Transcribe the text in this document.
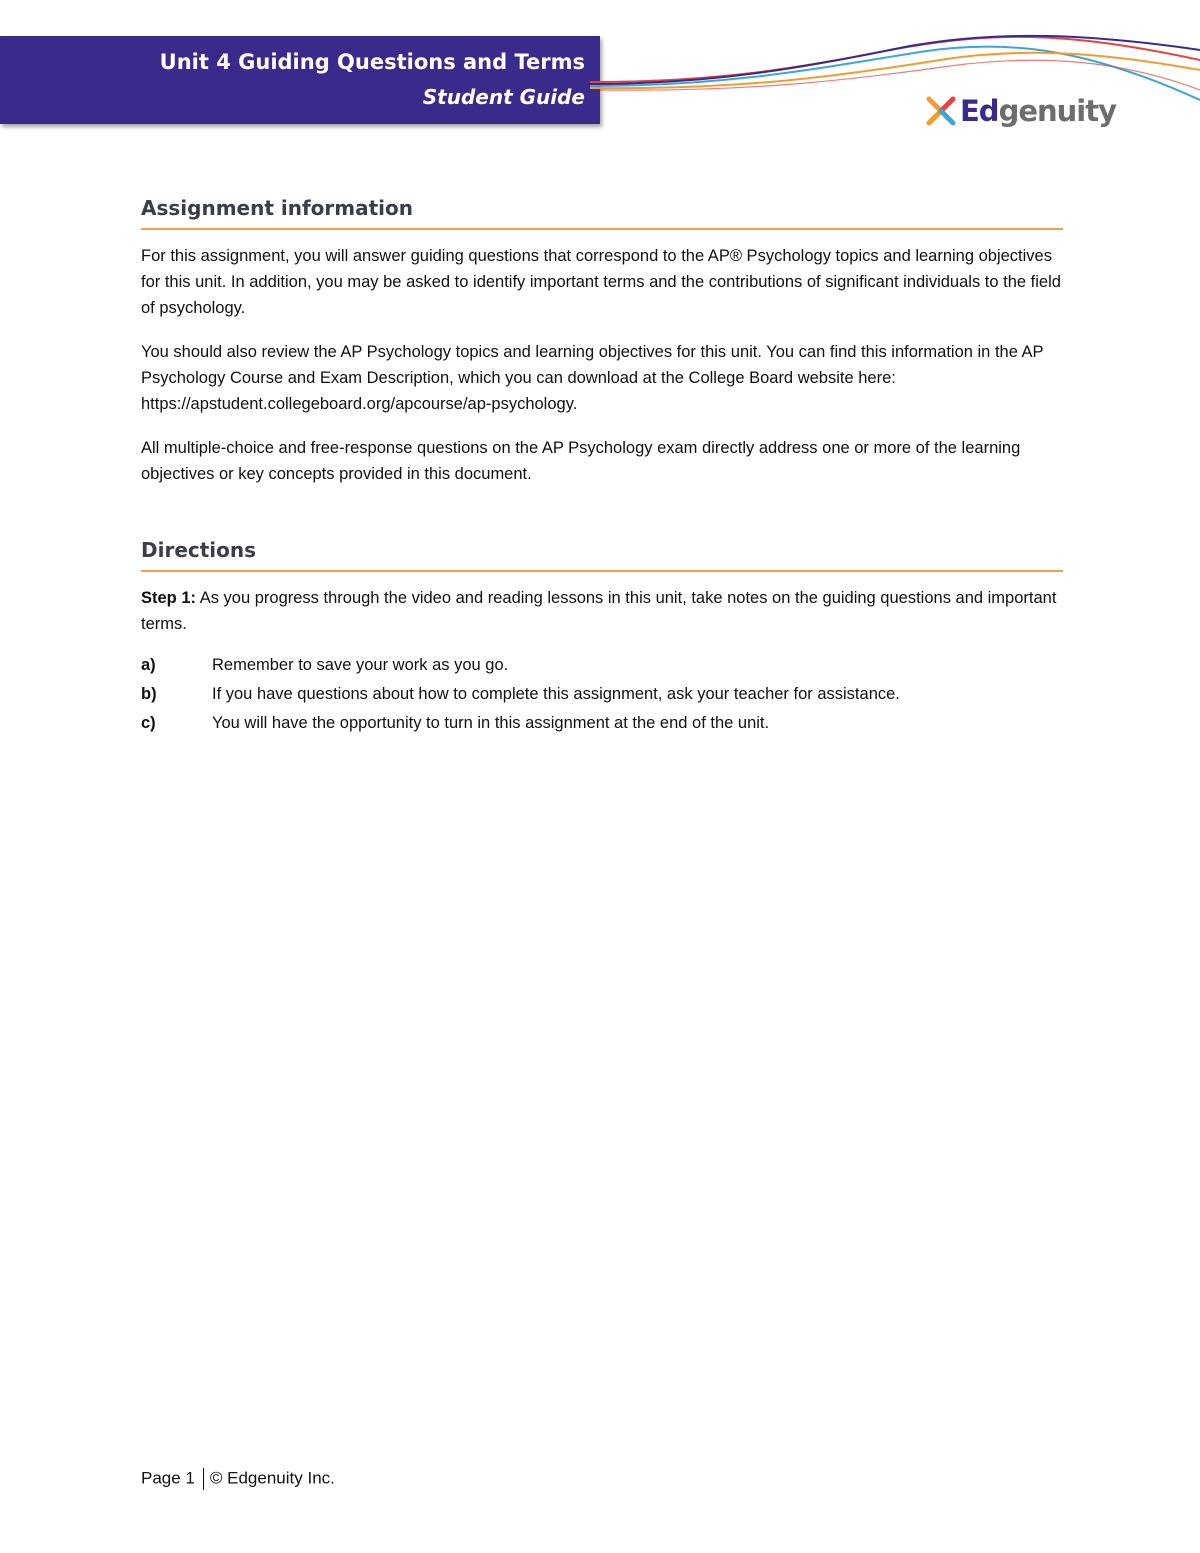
Unit 4 Guiding Questions and Terms
Student Guide	Edgenuity
Assignment information

For this assignment, you will answer guiding questions that correspond to the AP® Psychology topics and learning objectives for this unit. In addition, you may be asked to identify important terms and the contributions of significant individuals to the field of psychology.

You should also review the AP Psychology topics and learning objectives for this unit. You can find this information in the AP Psychology Course and Exam Description, which you can download at the College Board website here: https://apstudent.collegeboard.org/apcourse/ap-psychology.

All multiple-choice and free-response questions on the AP Psychology exam directly address one or more of the learning objectives or key concepts provided in this document.

Directions

Step 1: As you progress through the video and reading lessons in this unit, take notes on the guiding questions and important terms.

a)	Remember to save your work as you go.
b)	If you have questions about how to complete this assignment, ask your teacher for assistance.
c)	You will have the opportunity to turn in this assignment at the end of the unit.
Page 1 © Edgenuity Inc.
